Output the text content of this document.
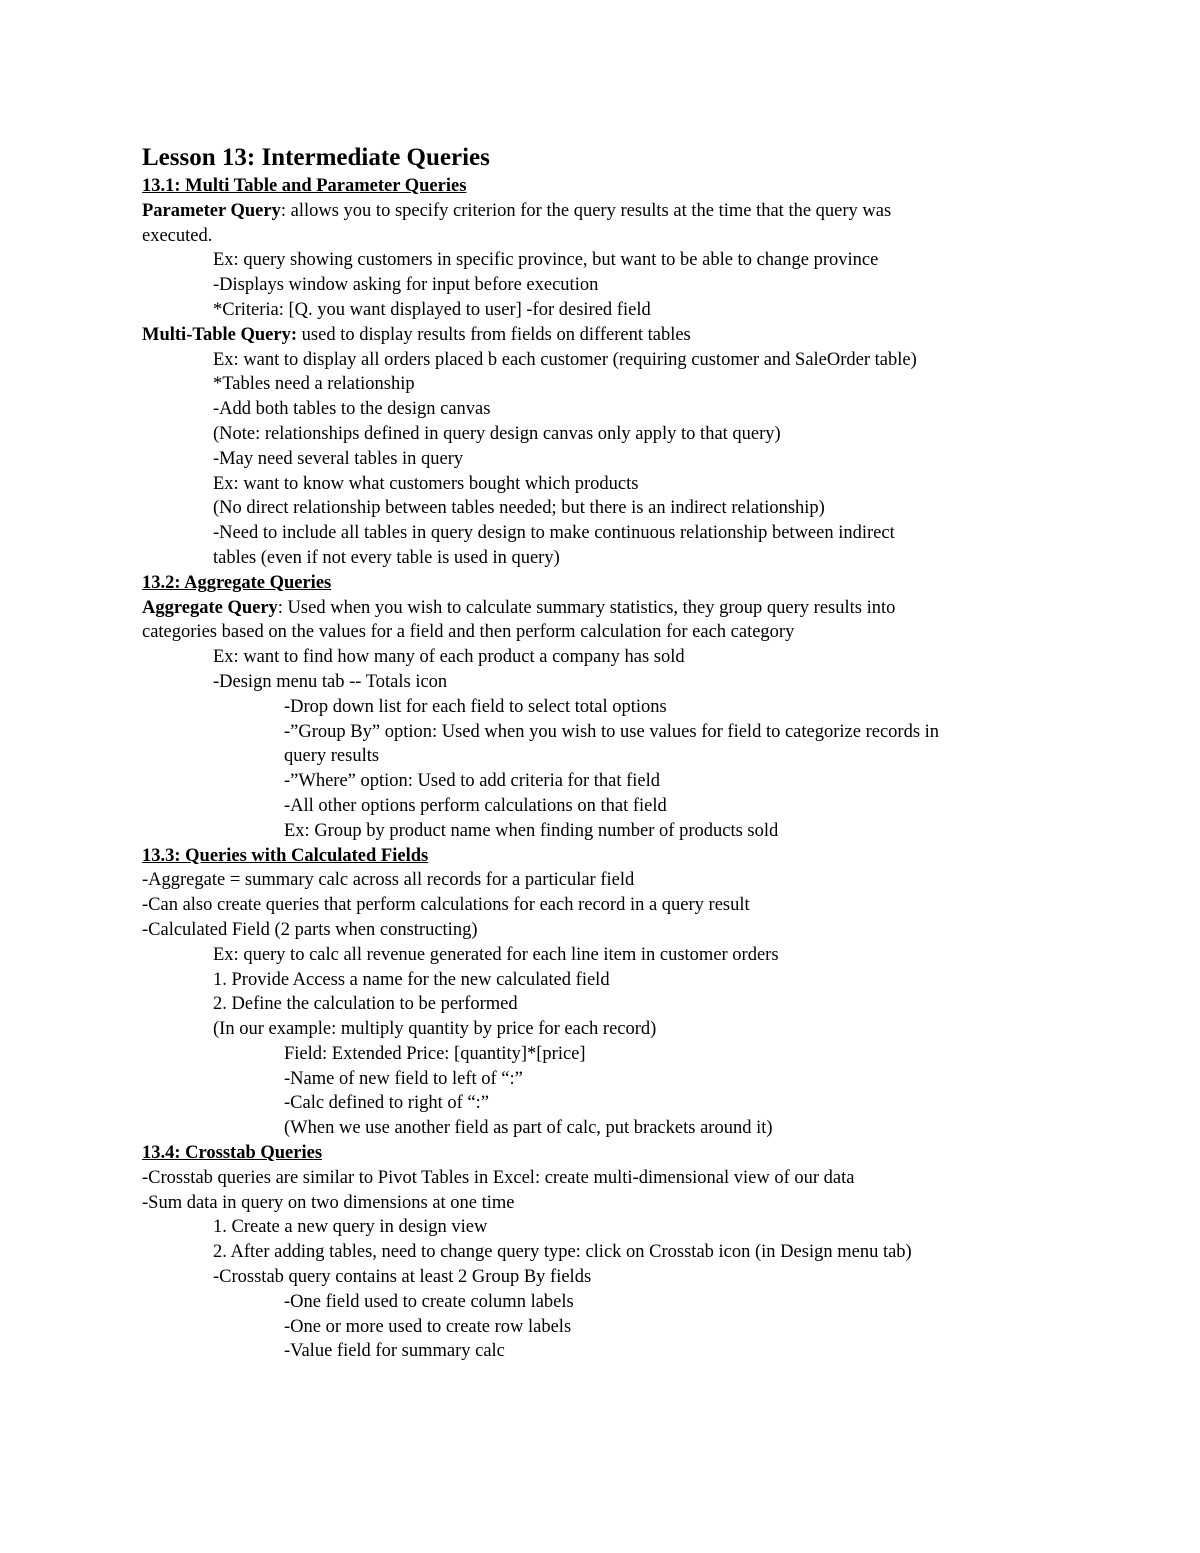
Lesson 13: Intermediate Queries
13.1: Multi Table and Parameter Queries
Parameter Query: allows you to specify criterion for the query results at the time that the query was
executed.
Ex: query showing customers in specific province, but want to be able to change province
-Displays window asking for input before execution
*Criteria: [Q. you want displayed to user] -for desired field
Multi-Table Query: used to display results from fields on different tables
Ex: want to display all orders placed b each customer (requiring customer and SaleOrder table)
*Tables need a relationship
-Add both tables to the design canvas
(Note: relationships defined in query design canvas only apply to that query)
-May need several tables in query
Ex: want to know what customers bought which products
(No direct relationship between tables needed; but there is an indirect relationship)
-Need to include all tables in query design to make continuous relationship between indirect
tables (even if not every table is used in query)
13.2: Aggregate Queries
Aggregate Query: Used when you wish to calculate summary statistics, they group query results into
categories based on the values for a field and then perform calculation for each category
Ex: want to find how many of each product a company has sold
-Design menu tab -- Totals icon
-Drop down list for each field to select total options
-”Group By” option: Used when you wish to use values for field to categorize records in
query results
-”Where” option: Used to add criteria for that field
-All other options perform calculations on that field
Ex: Group by product name when finding number of products sold
13.3: Queries with Calculated Fields
-Aggregate = summary calc across all records for a particular field
-Can also create queries that perform calculations for each record in a query result
-Calculated Field (2 parts when constructing)
Ex: query to calc all revenue generated for each line item in customer orders
1. Provide Access a name for the new calculated field
2. Define the calculation to be performed
(In our example: multiply quantity by price for each record)
Field: Extended Price: [quantity]*[price]
-Name of new field to left of “:”
-Calc defined to right of “:”
(When we use another field as part of calc, put brackets around it)
13.4: Crosstab Queries
-Crosstab queries are similar to Pivot Tables in Excel: create multi-dimensional view of our data
-Sum data in query on two dimensions at one time
1. Create a new query in design view
2. After adding tables, need to change query type: click on Crosstab icon (in Design menu tab)
-Crosstab query contains at least 2 Group By fields
-One field used to create column labels
-One or more used to create row labels
-Value field for summary calc
